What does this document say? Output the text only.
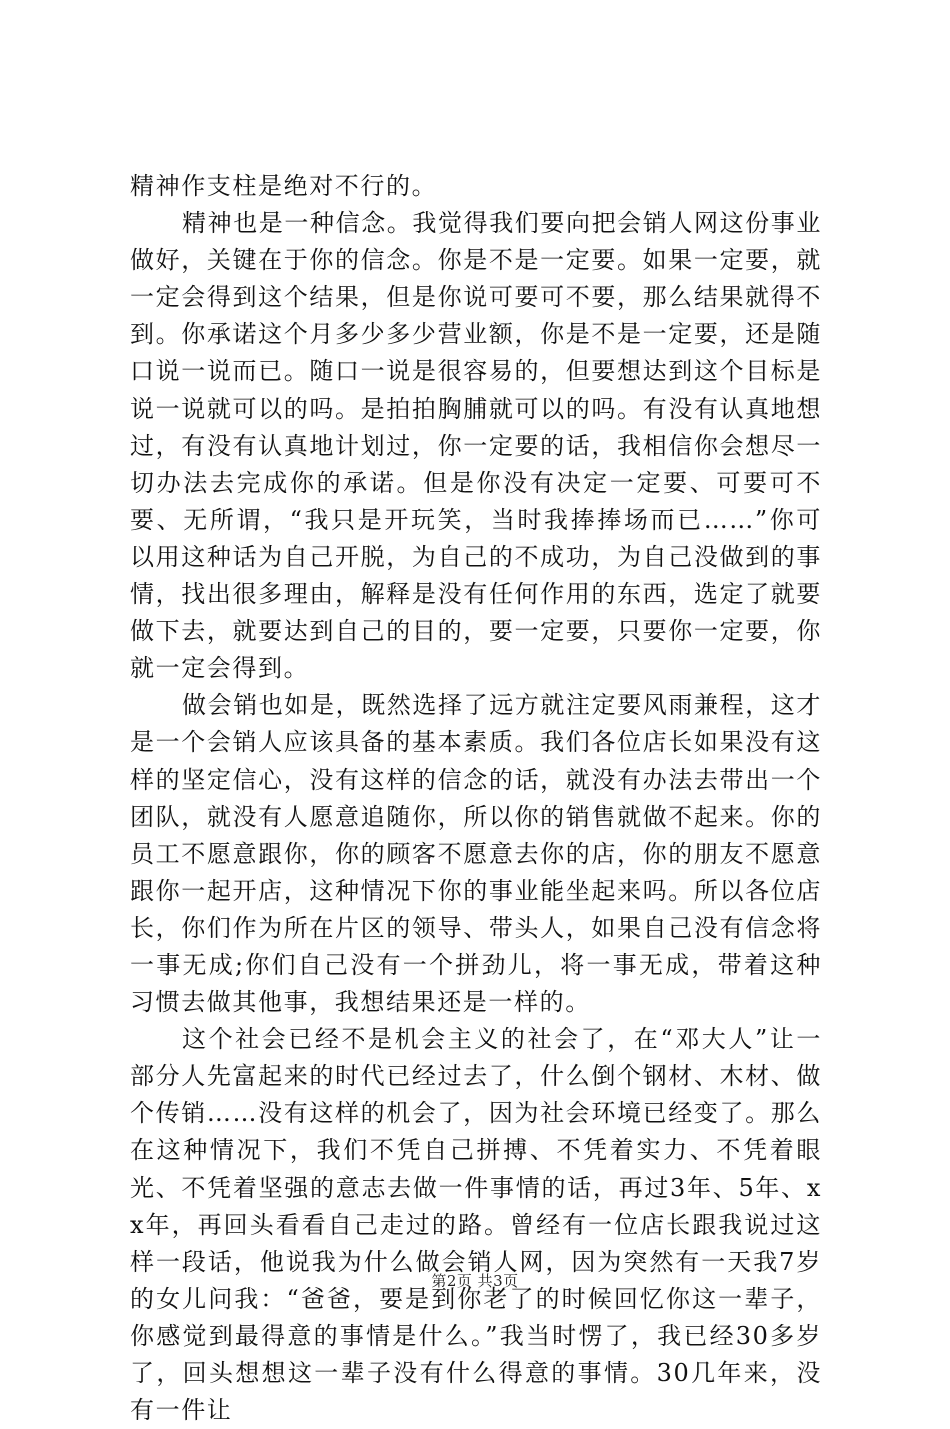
精神作支柱是绝对不行的。

精神也是一种信念。我觉得我们要向把会销人网这份事业做好，关键在于你的信念。你是不是一定要。如果一定要，就一定会得到这个结果，但是你说可要可不要，那么结果就得不到。你承诺这个月多少多少营业额，你是不是一定要，还是随口说一说而已。随口一说是很容易的，但要想达到这个目标是说一说就可以的吗。是拍拍胸脯就可以的吗。有没有认真地想过，有没有认真地计划过，你一定要的话，我相信你会想尽一切办法去完成你的承诺。但是你没有决定一定要、可要可不要、无所谓，“我只是开玩笑，当时我捧捧场而已……”你可以用这种话为自己开脱，为自己的不成功，为自己没做到的事情，找出很多理由，解释是没有任何作用的东西，选定了就要做下去，就要达到自己的目的，要一定要，只要你一定要，你就一定会得到。

做会销也如是，既然选择了远方就注定要风雨兼程，这才是一个会销人应该具备的基本素质。我们各位店长如果没有这样的坚定信心，没有这样的信念的话，就没有办法去带出一个团队，就没有人愿意追随你，所以你的销售就做不起来。你的员工不愿意跟你，你的顾客不愿意去你的店，你的朋友不愿意跟你一起开店，这种情况下你的事业能坐起来吗。所以各位店长，你们作为所在片区的领导、带头人，如果自己没有信念将一事无成;你们自己没有一个拼劲儿，将一事无成，带着这种习惯去做其他事，我想结果还是一样的。

这个社会已经不是机会主义的社会了，在“邓大人”让一部分人先富起来的时代已经过去了，什么倒个钢材、木材、做个传销……没有这样的机会了，因为社会环境已经变了。那么在这种情况下，我们不凭自己拼搏、不凭着实力、不凭着眼光、不凭着坚强的意志去做一件事情的话，再过3年、5年、xx年，再回头看看自己走过的路。曾经有一位店长跟我说过这样一段话，他说我为什么做会销人网，因为突然有一天我7岁的女儿问我：“爸爸，要是到你老了的时候回忆你这一辈子，你感觉到最得意的事情是什么。”我当时愣了，我已经30多岁了，回头想想这一辈子没有什么得意的事情。30几年来，没有一件让

第2页 共3页
